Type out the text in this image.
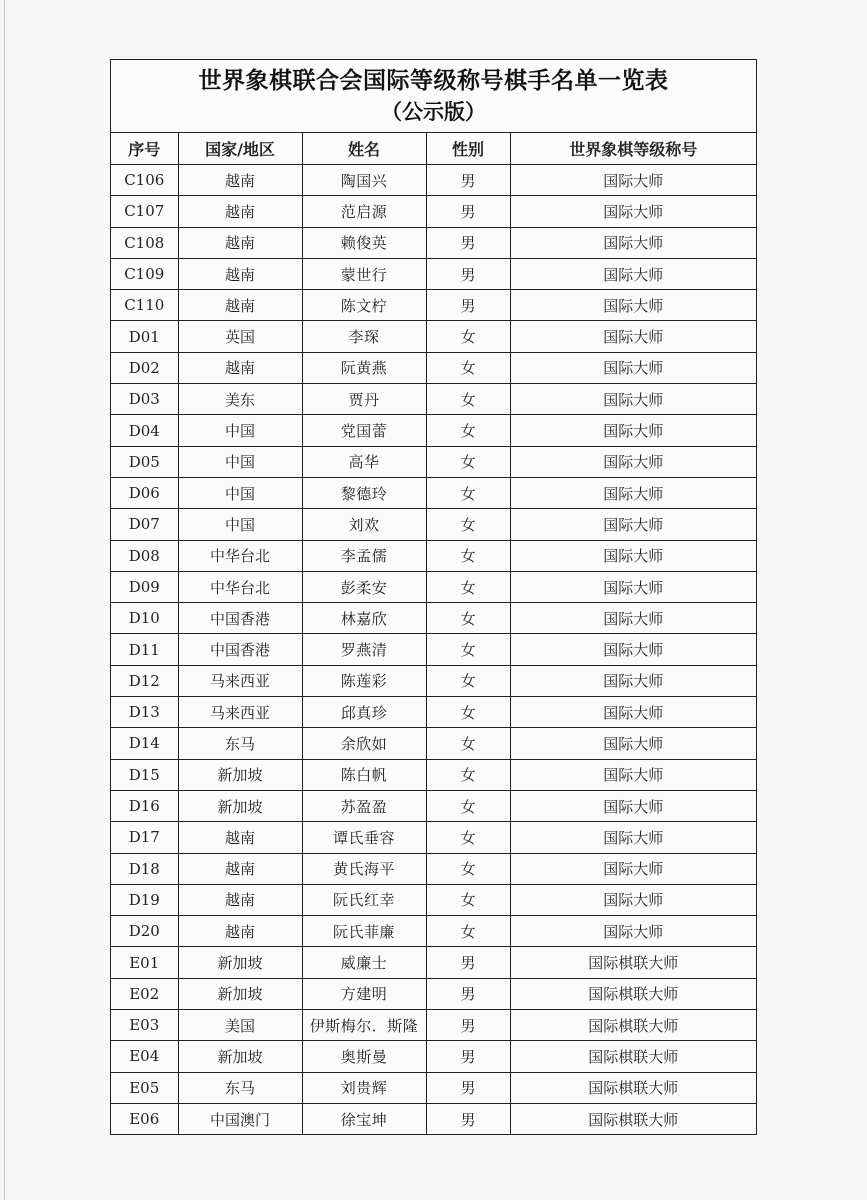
世界象棋联合会国际等级称号棋手名单一览表
（公示版）
序号	国家/地区	姓名	性别	世界象棋等级称号
C106	越南	陶国兴	男	国际大师
C107	越南	范启源	男	国际大师
C108	越南	赖俊英	男	国际大师
C109	越南	蒙世行	男	国际大师
C110	越南	陈文柠	男	国际大师
D01	英国	李琛	女	国际大师
D02	越南	阮黄燕	女	国际大师
D03	美东	贾丹	女	国际大师
D04	中国	党国蕾	女	国际大师
D05	中国	高华	女	国际大师
D06	中国	黎德玲	女	国际大师
D07	中国	刘欢	女	国际大师
D08	中华台北	李孟儒	女	国际大师
D09	中华台北	彭柔安	女	国际大师
D10	中国香港	林嘉欣	女	国际大师
D11	中国香港	罗燕清	女	国际大师
D12	马来西亚	陈莲彩	女	国际大师
D13	马来西亚	邱真珍	女	国际大师
D14	东马	余欣如	女	国际大师
D15	新加坡	陈白帆	女	国际大师
D16	新加坡	苏盈盈	女	国际大师
D17	越南	谭氏垂容	女	国际大师
D18	越南	黄氏海平	女	国际大师
D19	越南	阮氏红幸	女	国际大师
D20	越南	阮氏菲廉	女	国际大师
E01	新加坡	威廉士	男	国际棋联大师
E02	新加坡	方建明	男	国际棋联大师
E03	美国	伊斯梅尔．斯隆	男	国际棋联大师
E04	新加坡	奥斯曼	男	国际棋联大师
E05	东马	刘贵辉	男	国际棋联大师
E06	中国澳门	徐宝坤	男	国际棋联大师
